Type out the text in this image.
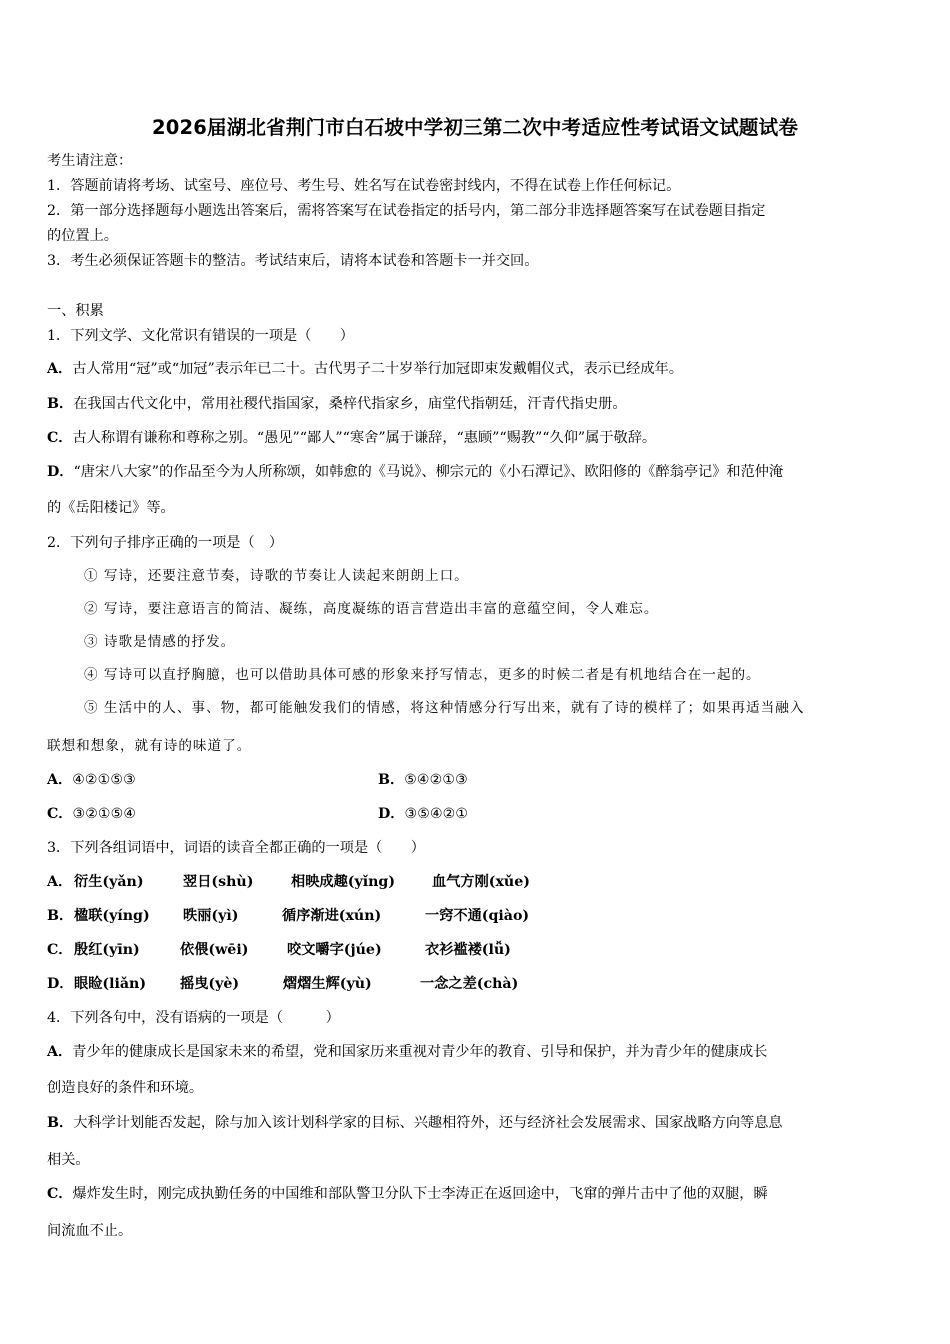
2026届湖北省荆门市白石坡中学初三第二次中考适应性考试语文试题试卷
考生请注意：
1．答题前请将考场、试室号、座位号、考生号、姓名写在试卷密封线内，不得在试卷上作任何标记。
2．第一部分选择题每小题选出答案后，需将答案写在试卷指定的括号内，第二部分非选择题答案写在试卷题目指定
的位置上。
3．考生必须保证答题卡的整洁。考试结束后，请将本试卷和答题卡一并交回。
一、积累
1．下列文学、文化常识有错误的一项是（　　）
A．古人常用“冠”或“加冠”表示年已二十。古代男子二十岁举行加冠即束发戴帽仪式，表示已经成年。
B．在我国古代文化中，常用社稷代指国家，桑梓代指家乡，庙堂代指朝廷，汗青代指史册。
C．古人称谓有谦称和尊称之别。“愚见”“鄙人”“寒舍”属于谦辞，“惠顾”“赐教”“久仰”属于敬辞。
D．“唐宋八大家”的作品至今为人所称颂，如韩愈的《马说》、柳宗元的《小石潭记》、欧阳修的《醉翁亭记》和范仲淹
的《岳阳楼记》等。
2．下列句子排序正确的一项是（　）
① 写诗，还要注意节奏，诗歌的节奏让人读起来朗朗上口。
② 写诗，要注意语言的简洁、凝练，高度凝练的语言营造出丰富的意蕴空间，令人难忘。
③ 诗歌是情感的抒发。
④ 写诗可以直抒胸臆，也可以借助具体可感的形象来抒写情志，更多的时候二者是有机地结合在一起的。
⑤ 生活中的人、事、物，都可能触发我们的情感，将这种情感分行写出来，就有了诗的模样了；如果再适当融入
联想和想象，就有诗的味道了。
A．④②①⑤③	B．⑤④②①③
C．③②①⑤④	D．③⑤④②①
3．下列各组词语中，词语的读音全都正确的一项是（　　）
A． 衍生(yǎn)	翌日(shù)	相映成趣(yǐng)	血气方刚(xǔe)
B． 楹联(yíng) 昳丽(yì)	循序渐进(xún)	一窍不通(qiào)
C． 殷红(yīn)	依偎(wēi)	咬文嚼字(júe)	衣衫褴褛(lǚ)
D． 眼睑(liǎn) 摇曳(yè)	熠熠生辉(yù)	一念之差(chà)
4．下列各句中，没有语病的一项是（　　　）
A．青少年的健康成长是国家未来的希望，党和国家历来重视对青少年的教育、引导和保护，并为青少年的健康成长
创造良好的条件和环境。
B．大科学计划能否发起，除与加入该计划科学家的目标、兴趣相符外，还与经济社会发展需求、国家战略方向等息息
相关。
C．爆炸发生时，刚完成执勤任务的中国维和部队警卫分队下士李涛正在返回途中，飞窜的弹片击中了他的双腿，瞬
间流血不止。
